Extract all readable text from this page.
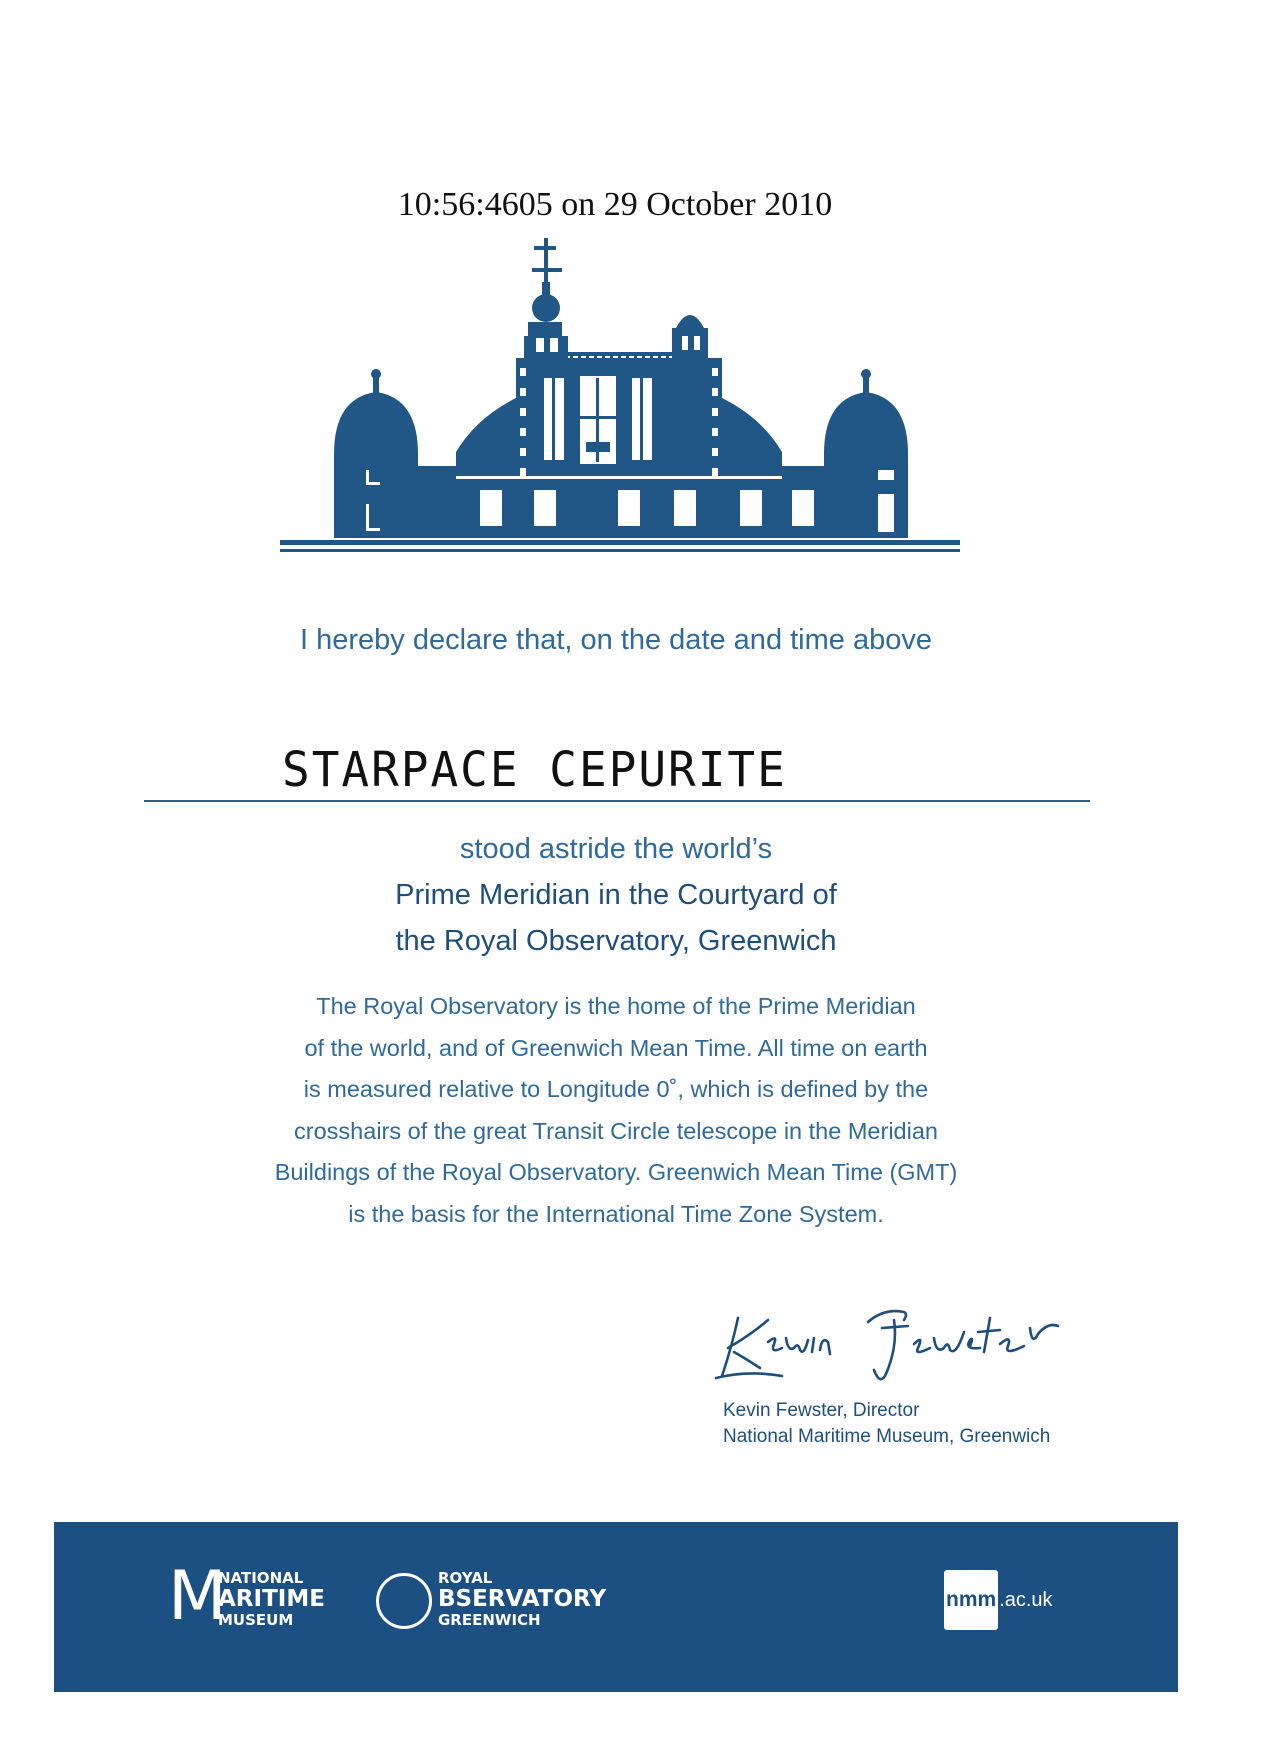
10:56:4605 on 29 October 2010
I hereby declare that, on the date and time above
STARPACE CEPURITE
stood astride the world’s
Prime Meridian in the Courtyard of
the Royal Observatory, Greenwich
The Royal Observatory is the home of the Prime Meridian
of the world, and of Greenwich Mean Time. All time on earth
is measured relative to Longitude 0˚, which is defined by the
crosshairs of the great Transit Circle telescope in the Meridian
Buildings of the Royal Observatory. Greenwich Mean Time (GMT)
is the basis for the International Time Zone System.
Kevin Fewster, Director
National Maritime Museum, Greenwich
M
NATIONAL
ARITIME
MUSEUM
ROYAL
BSERVATORY
GREENWICH
nmm .ac.uk
